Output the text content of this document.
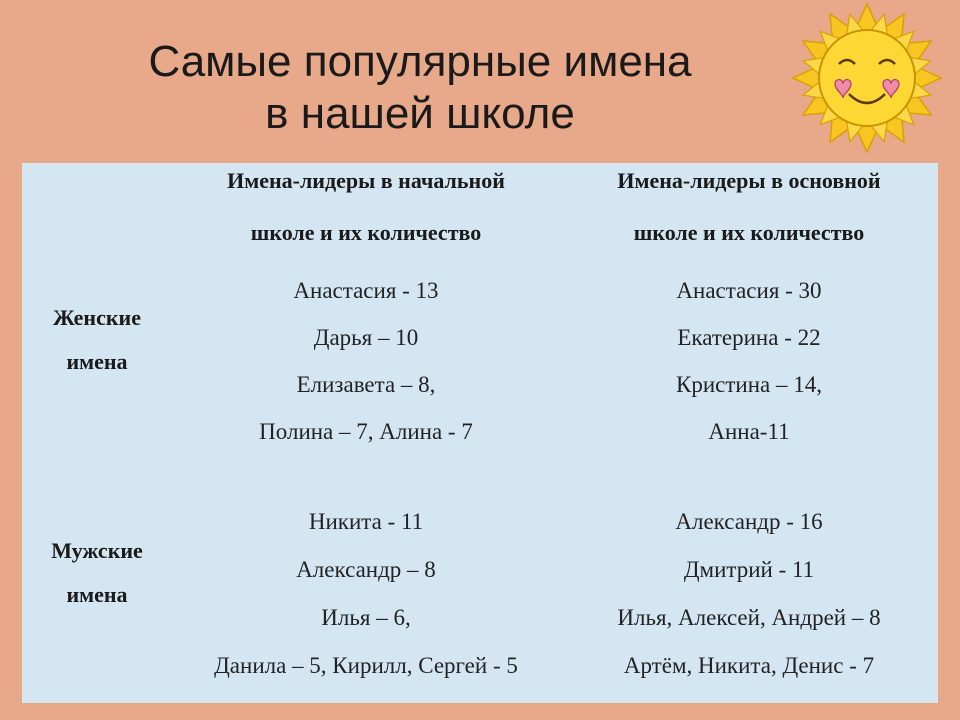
Самые популярные имена
в нашей школе
Имена-лидеры в начальной
школе и их количество
Имена-лидеры в основной
школе и их количество
Женские
имена
Мужские
имена
Анастасия - 13
Дарья – 10
Елизавета – 8,
Полина – 7, Алина - 7
Анастасия - 30
Екатерина - 22
Кристина – 14,
Анна-11
Никита - 11
Александр – 8
Илья – 6,
Данила – 5, Кирилл, Сергей - 5
Александр - 16
Дмитрий - 11
Илья, Алексей, Андрей – 8
Артём, Никита, Денис - 7
